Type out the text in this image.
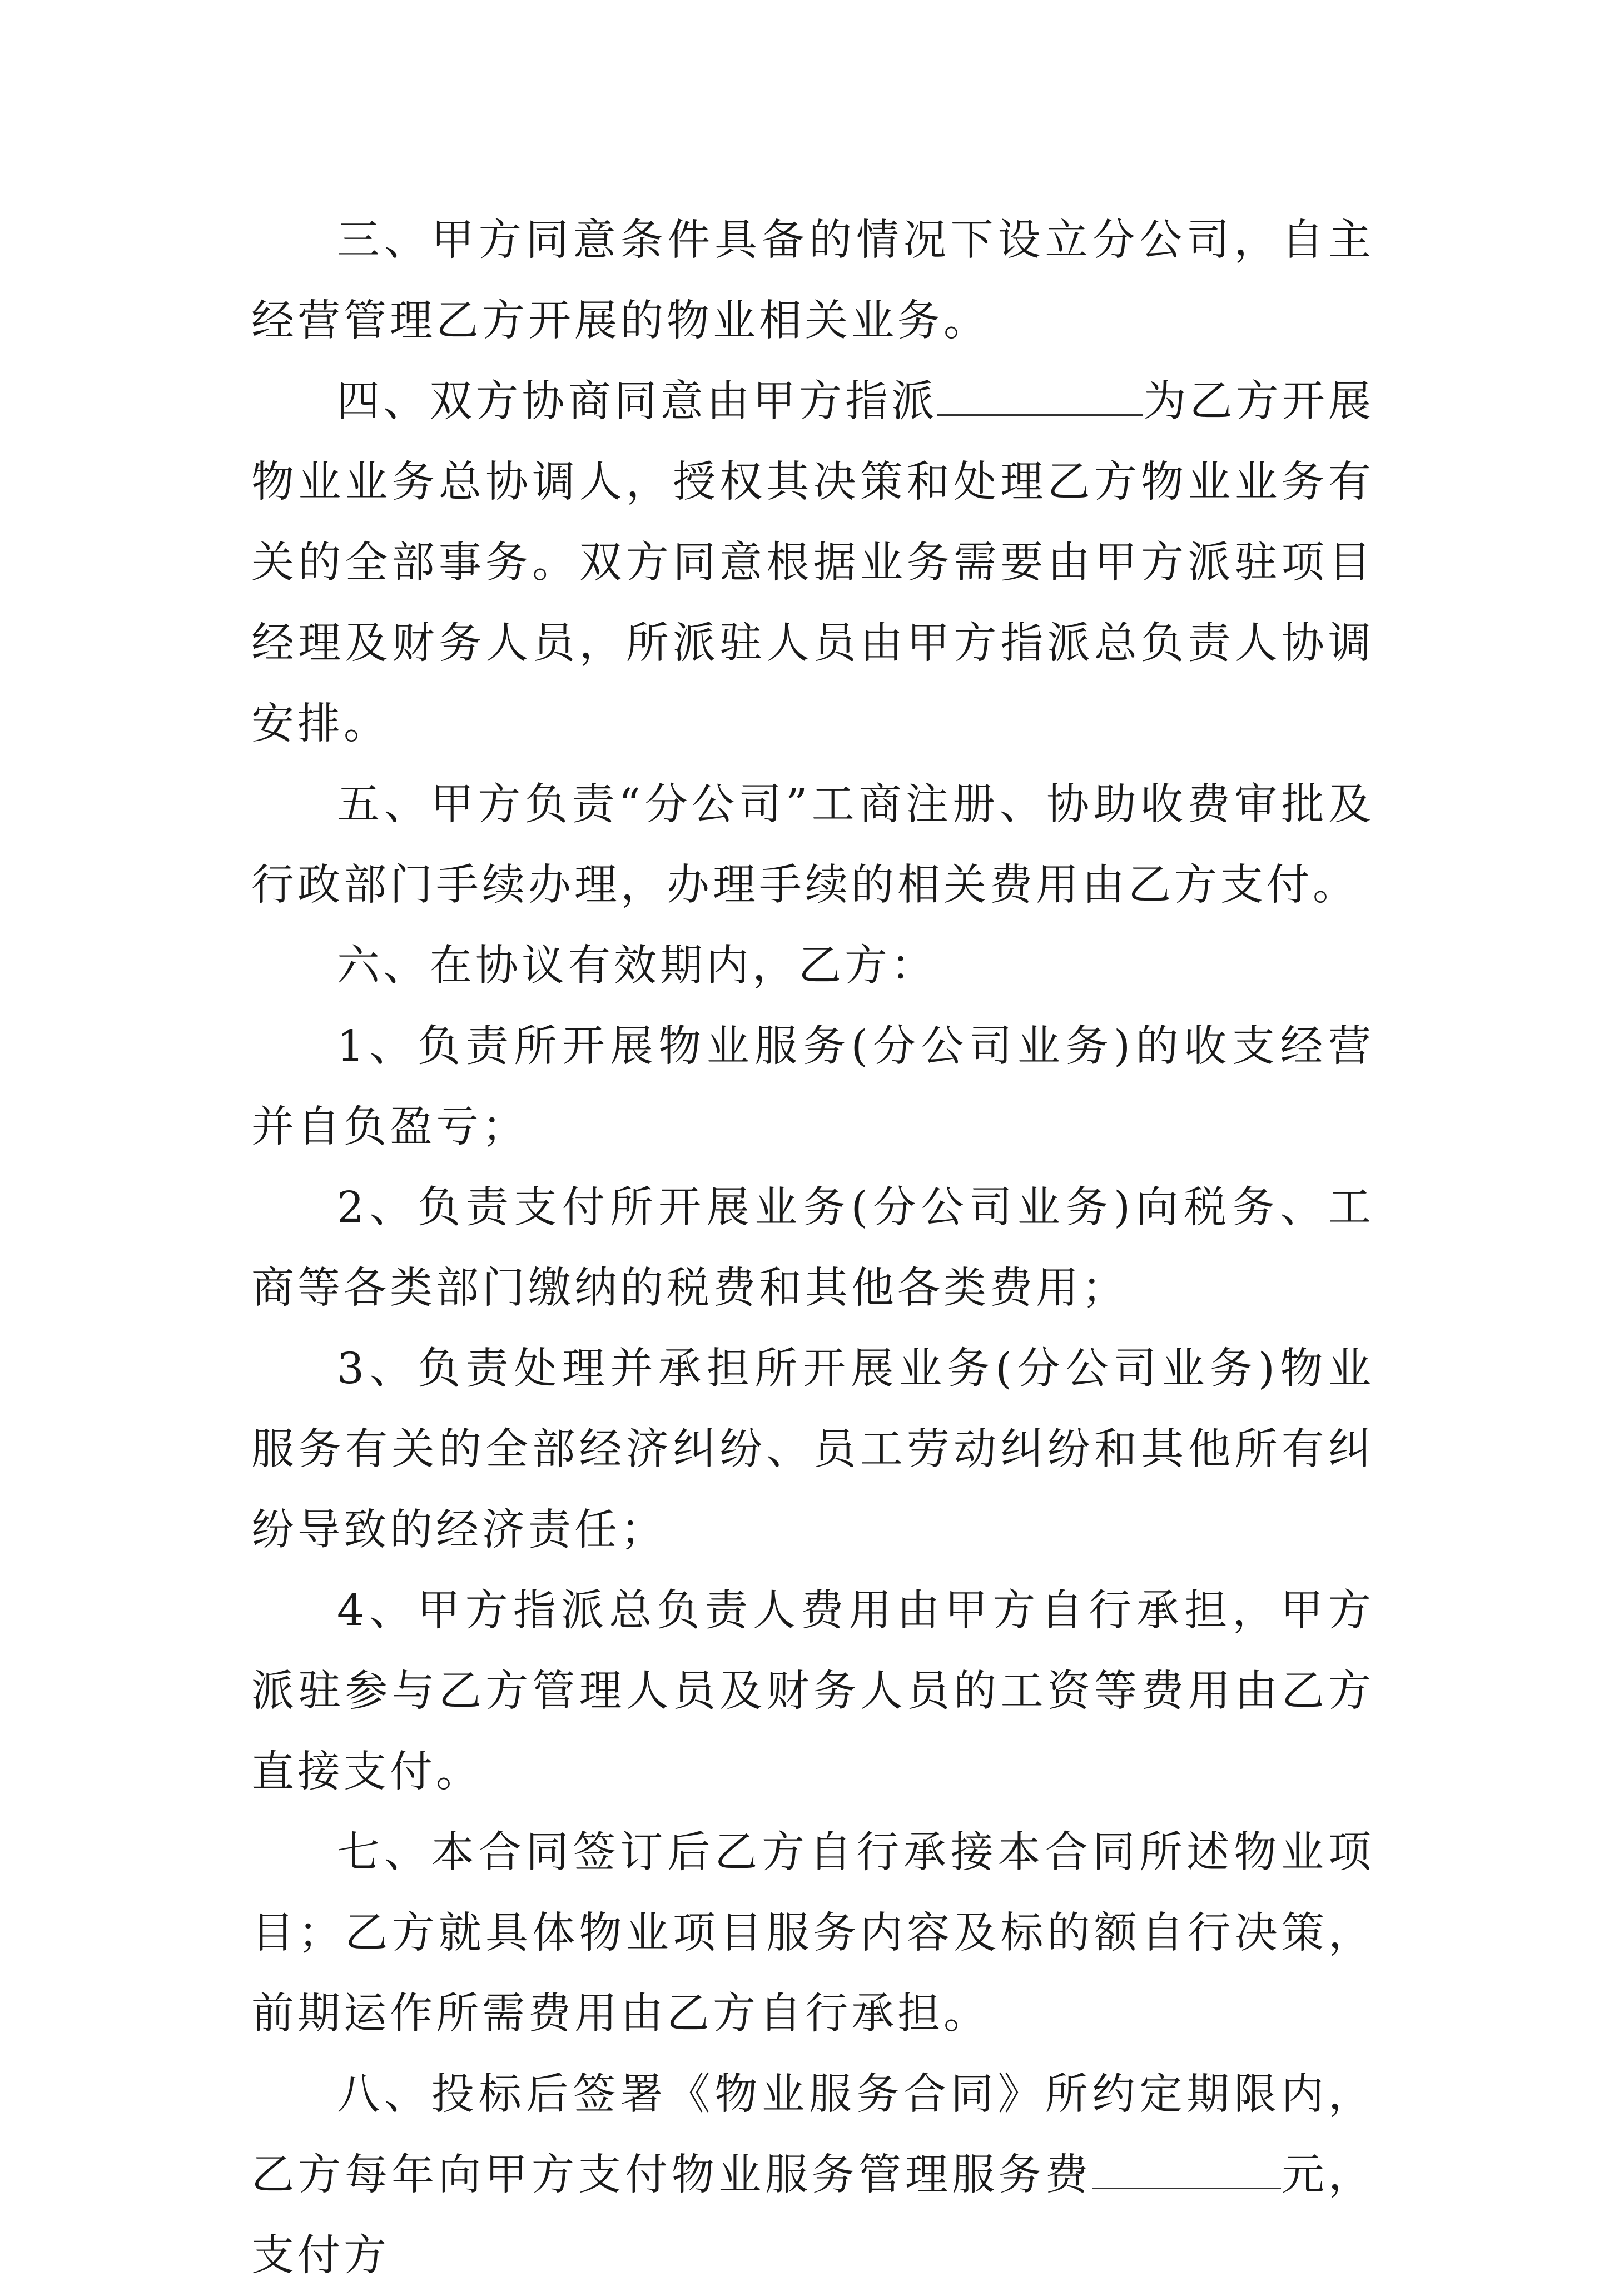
三、甲方同意条件具备的情况下设立分公司，自主经营管理乙方开展的物业相关业务。

四、双方协商同意由甲方指派	为乙方开展物业业务总协调人，授权其决策和处理乙方物业业务有关的全部事务。双方同意根据业务需要由甲方派驻项目经理及财务人员，所派驻人员由甲方指派总负责人协调安排。

五、甲方负责“分公司”工商注册、协助收费审批及行政部门手续办理，办理手续的相关费用由乙方支付。

六、在协议有效期内，乙方：

1、负责所开展物业服务(分公司业务)的收支经营并自负盈亏；

2、负责支付所开展业务(分公司业务)向税务、工商等各类部门缴纳的税费和其他各类费用；

3、负责处理并承担所开展业务(分公司业务)物业服务有关的全部经济纠纷、员工劳动纠纷和其他所有纠纷导致的经济责任；

4、甲方指派总负责人费用由甲方自行承担，甲方派驻参与乙方管理人员及财务人员的工资等费用由乙方直接支付。

七、本合同签订后乙方自行承接本合同所述物业项目；乙方就具体物业项目服务内容及标的额自行决策，前期运作所需费用由乙方自行承担。

八、投标后签署《物业服务合同》所约定期限内，乙方每年向甲方支付物业服务管理服务费	元，支付方
